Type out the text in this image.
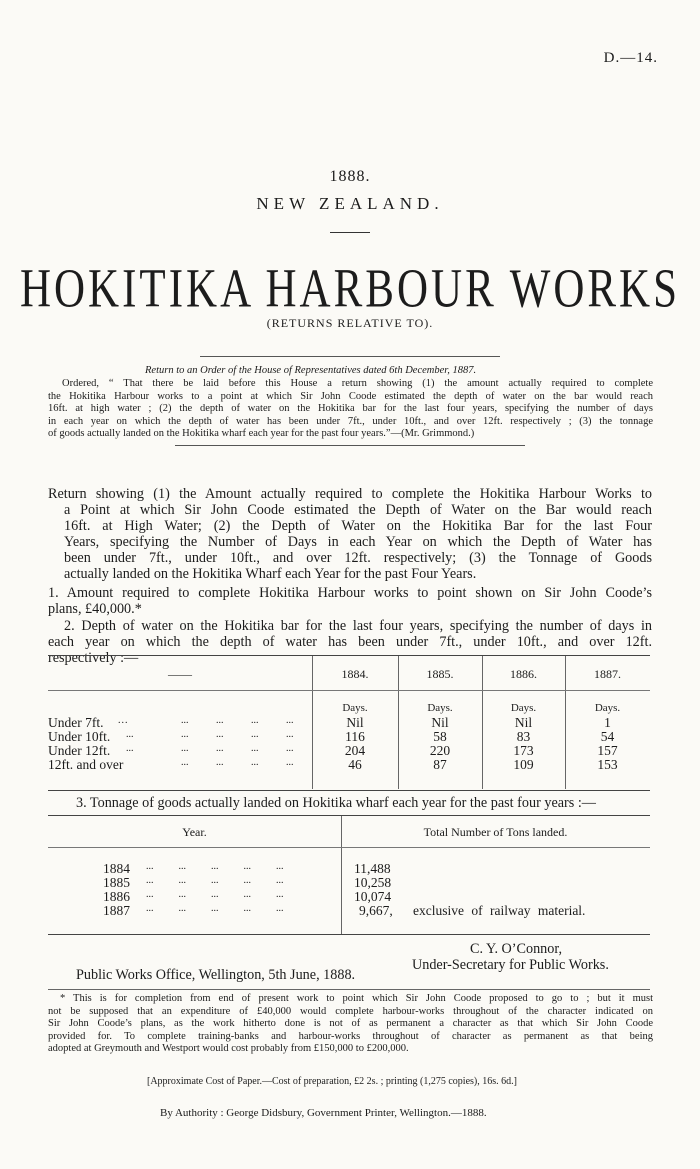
D.—14.
1888.
NEW ZEALAND.
HOKITIKA HARBOUR WORKS
(RETURNS RELATIVE TO).
Return to an Order of the House of Representatives dated 6th December, 1887.
Ordered, “ That there be laid before this House a return showing (1) the amount actually required to complete
the Hokitika Harbour works to a point at which Sir John Coode estimated the depth of water on the bar would reach
16ft. at high water ; (2) the depth of water on the Hokitika bar for the last four years, specifying the number of days
in each year on which the depth of water has been under 7ft., under 10ft., and over 12ft. respectively ; (3) the tonnage
of goods actually landed on the Hokitika wharf each year for the past four years.”—(Mr. Grimmond.)
Return showing (1) the Amount actually required to complete the Hokitika Harbour Works to
a Point at which Sir John Coode estimated the Depth of Water on the Bar would reach
16ft. at High Water; (2) the Depth of Water on the Hokitika Bar for the last Four
Years, specifying the Number of Days in each Year on which the Depth of Water has
been under 7ft., under 10ft., and over 12ft. respectively; (3) the Tonnage of Goods
actually landed on the Hokitika Wharf each Year for the past Four Years.
1. Amount required to complete Hokitika Harbour works to point shown on Sir John Coode’s
plans, £40,000.*
2. Depth of water on the Hokitika bar for the last four years, specifying the number of days in
each year on which the depth of water has been under 7ft., under 10ft., and over 12ft.
respectively :—
——	1884.	1885.	1886.	1887.
Days.	Days.	Days.	Days.
Under 7ft. ...	...           ...           ...           ...	Nil	Nil	Nil	1
Under 10ft. ...	...           ...           ...           ...	116	58	83	54
Under 12ft. ...	...           ...           ...           ...	204	220	173	157
12ft. and over	...           ...           ...           ...	46	87	109	153
3. Tonnage of goods actually landed on Hokitika wharf each year for the past four years :—
Year.	Total Number of Tons landed.
1884 ...          ...          ...          ...          ...	11,488
1885 ...          ...          ...          ...          ...	10,258
1886 ...          ...          ...          ...          ...	10,074
1887 ...          ...          ...          ...          ...	9,667, exclusive of railway material.
C. Y. O’Connor,
Under-Secretary for Public Works.
Public Works Office, Wellington, 5th June, 1888.
* This is for completion from end of present work to point which Sir John Coode proposed to go to ; but it must
not be supposed that an expenditure of £40,000 would complete harbour-works throughout of the character indicated on
Sir John Coode’s plans, as the work hitherto done is not of as permanent a character as that which Sir John Coode
provided for. To complete training-banks and harbour-works throughout of character as permanent as that being
adopted at Greymouth and Westport would cost probably from £150,000 to £200,000.
[Approximate Cost of Paper.—Cost of preparation, £2 2s. ; printing (1,275 copies), 16s. 6d.]
By Authority : George Didsbury, Government Printer, Wellington.—1888.
